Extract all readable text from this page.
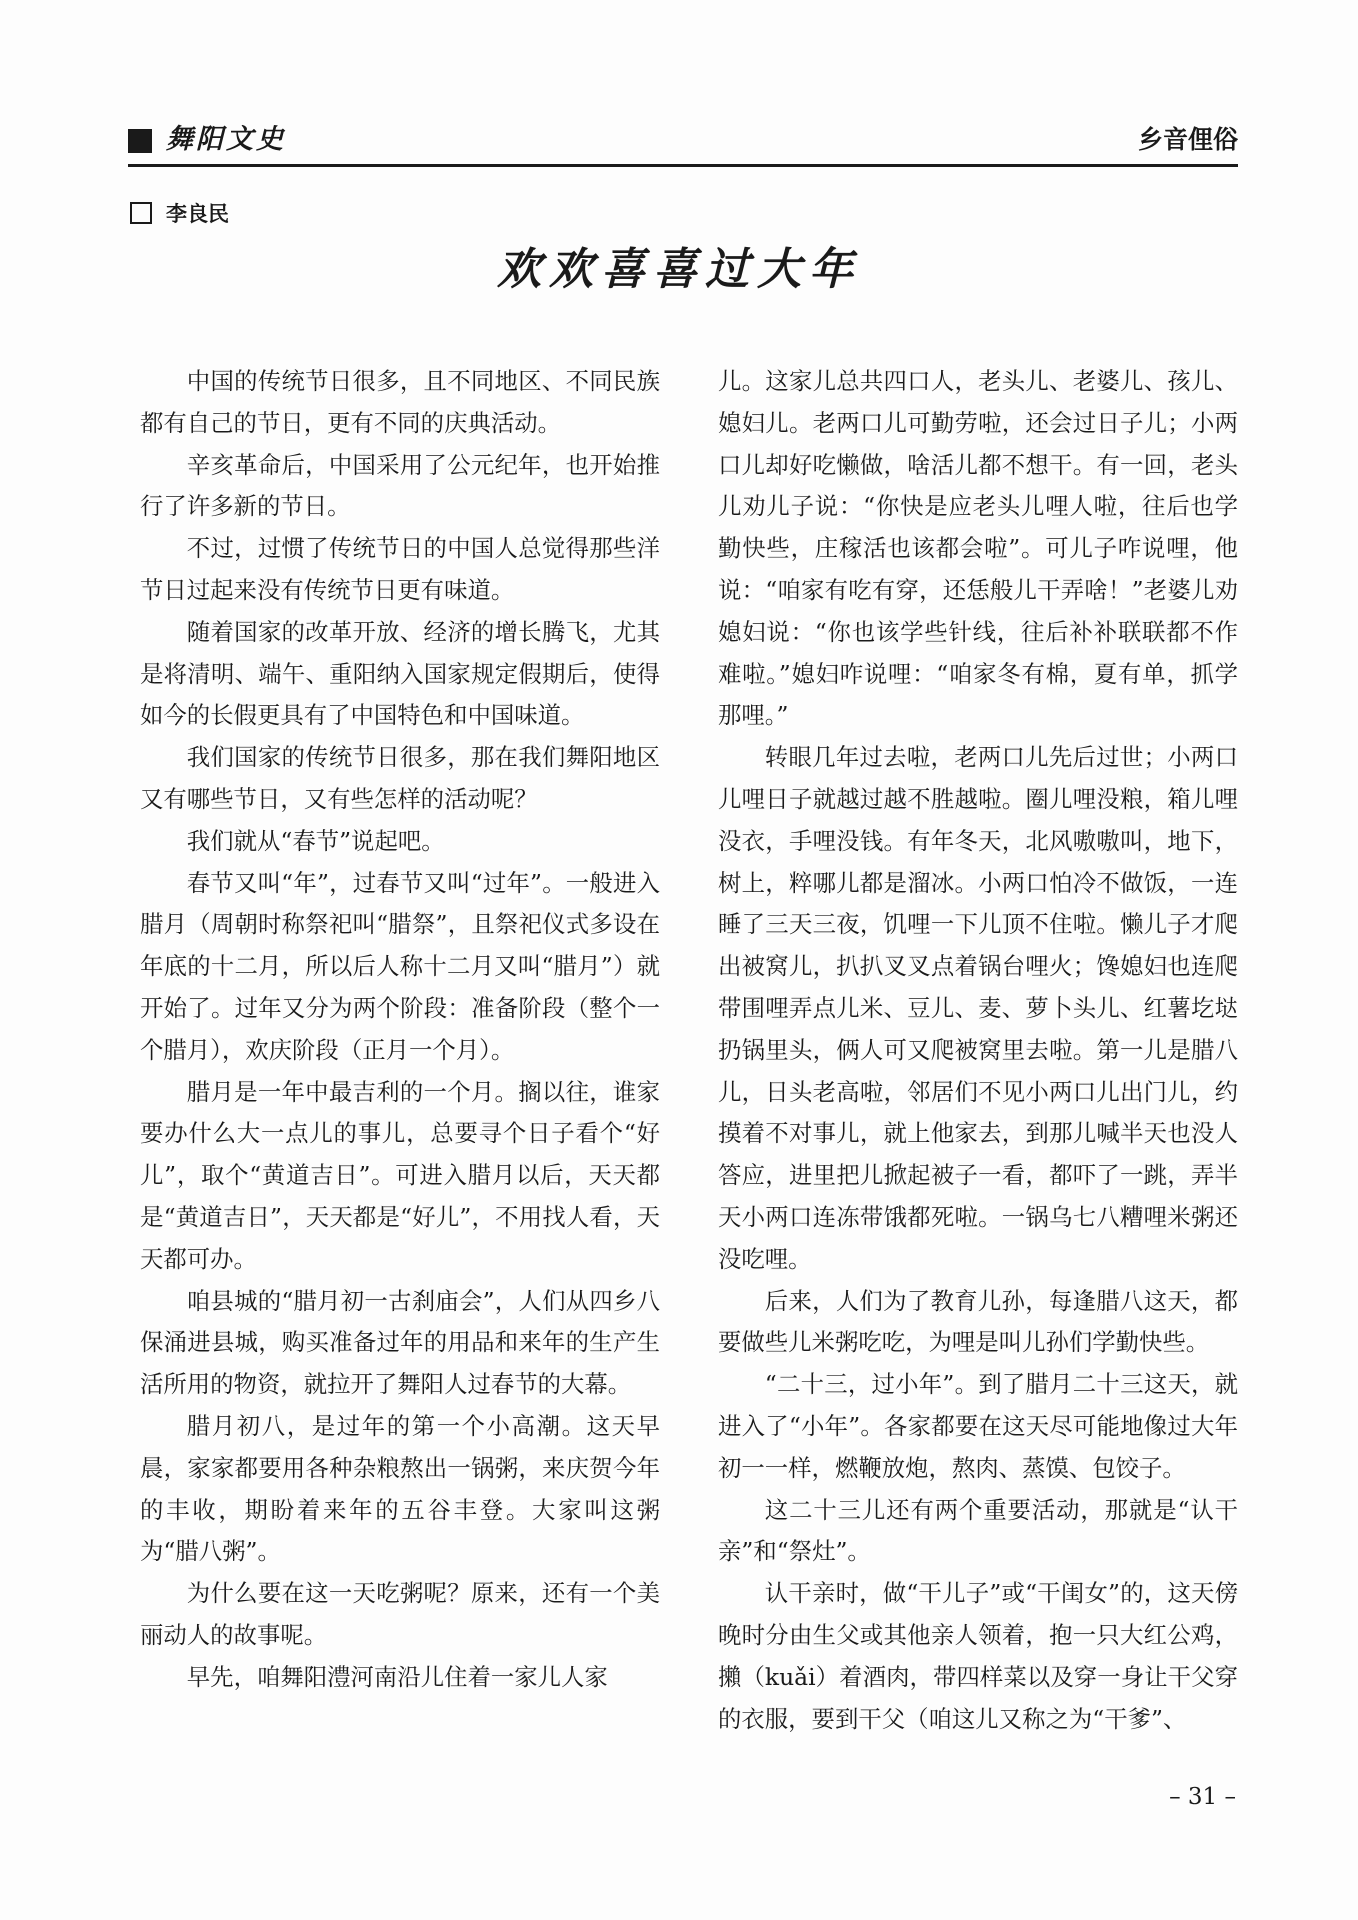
舞阳文史	乡音俚俗
李良民
欢欢喜喜过大年

中国的传统节日很多，且不同地区、不同民族都有自己的节日，更有不同的庆典活动。

辛亥革命后，中国采用了公元纪年，也开始推行了许多新的节日。

不过，过惯了传统节日的中国人总觉得那些洋节日过起来没有传统节日更有味道。

随着国家的改革开放、经济的增长腾飞，尤其是将清明、端午、重阳纳入国家规定假期后，使得如今的长假更具有了中国特色和中国味道。

我们国家的传统节日很多，那在我们舞阳地区又有哪些节日，又有些怎样的活动呢？

我们就从“春节”说起吧。

春节又叫“年”，过春节又叫“过年”。一般进入腊月（周朝时称祭祀叫“腊祭”，且祭祀仪式多设在年底的十二月，所以后人称十二月又叫“腊月”）就开始了。过年又分为两个阶段：准备阶段（整个一个腊月），欢庆阶段（正月一个月）。

腊月是一年中最吉利的一个月。搁以往，谁家要办什么大一点儿的事儿，总要寻个日子看个“好儿”，取个“黄道吉日”。可进入腊月以后，天天都是“黄道吉日”，天天都是“好儿”，不用找人看，天天都可办。

咱县城的“腊月初一古刹庙会”，人们从四乡八保涌进县城，购买准备过年的用品和来年的生产生活所用的物资，就拉开了舞阳人过春节的大幕。

腊月初八，是过年的第一个小高潮。这天早晨，家家都要用各种杂粮熬出一锅粥，来庆贺今年的丰收，期盼着来年的五谷丰登。大家叫这粥为“腊八粥”。

为什么要在这一天吃粥呢？原来，还有一个美丽动人的故事呢。

早先，咱舞阳澧河南沿儿住着一家儿人家

儿。这家儿总共四口人，老头儿、老婆儿、孩儿、媳妇儿。老两口儿可勤劳啦，还会过日子儿；小两口儿却好吃懒做，啥活儿都不想干。有一回，老头儿劝儿子说：“你快是应老头儿哩人啦，往后也学勤快些，庄稼活也该都会啦”。可儿子咋说哩，他说：“咱家有吃有穿，还恁般儿干弄啥！”老婆儿劝媳妇说：“你也该学些针线，往后补补联联都不作难啦。”媳妇咋说哩：“咱家冬有棉，夏有单，抓学那哩。”

转眼几年过去啦，老两口儿先后过世；小两口儿哩日子就越过越不胜越啦。圈儿哩没粮，箱儿哩没衣，手哩没钱。有年冬天，北风嗷嗷叫，地下，树上，粹哪儿都是溜冰。小两口怕冷不做饭，一连睡了三天三夜，饥哩一下儿顶不住啦。懒儿子才爬出被窝儿，扒扒叉叉点着锅台哩火；馋媳妇也连爬带围哩弄点儿米、豆儿、麦、萝卜头儿、红薯圪垯扔锅里头，俩人可又爬被窝里去啦。第一儿是腊八儿，日头老高啦，邻居们不见小两口儿出门儿，约摸着不对事儿，就上他家去，到那儿喊半天也没人答应，进里把儿掀起被子一看，都吓了一跳，弄半天小两口连冻带饿都死啦。一锅乌七八糟哩米粥还没吃哩。

后来，人们为了教育儿孙，每逢腊八这天，都要做些儿米粥吃吃，为哩是叫儿孙们学勤快些。

“二十三，过小年”。到了腊月二十三这天，就进入了“小年”。各家都要在这天尽可能地像过大年初一一样，燃鞭放炮，熬肉、蒸馍、包饺子。

这二十三儿还有两个重要活动，那就是“认干亲”和“祭灶”。

认干亲时，做“干儿子”或“干闺女”的，这天傍晚时分由生父或其他亲人领着，抱一只大红公鸡，攋（kuǎi）着酒肉，带四样菜以及穿一身让干父穿的衣服，要到干父（咱这儿又称之为“干爹”、

– 31 –
